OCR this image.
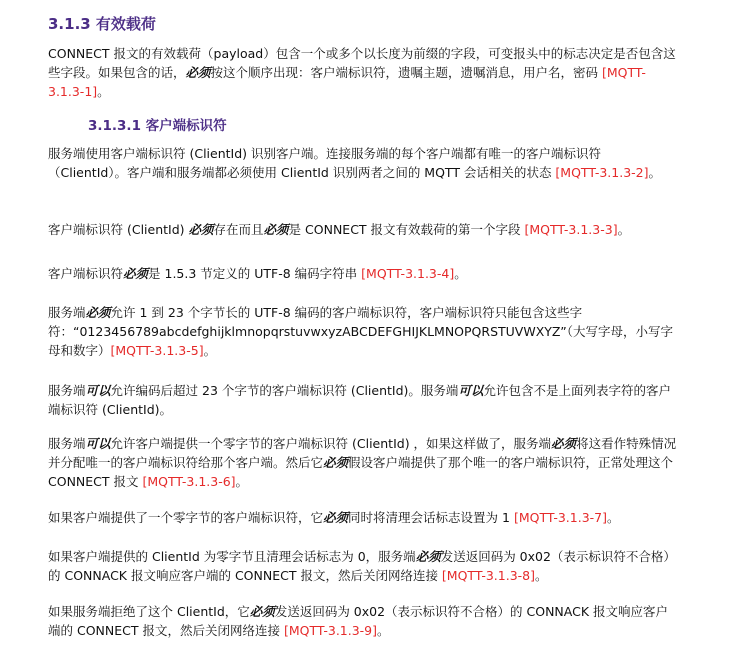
3.1.3 有效载荷
CONNECT 报文的有效载荷（payload）包含一个或多个以长度为前缀的字段，可变报头中的标志决定是否包含这些字段。如果包含的话，必须按这个顺序出现：客户端标识符，遗嘱主题，遗嘱消息，用户名，密码 [MQTT-3.1.3-1]。
3.1.3.1 客户端标识符
服务端使用客户端标识符 (ClientId) 识别客户端。连接服务端的每个客户端都有唯一的客户端标识符（ClientId）。客户端和服务端都必须使用 ClientId 识别两者之间的 MQTT 会话相关的状态 [MQTT-3.1.3-2]。
客户端标识符 (ClientId) 必须存在而且必须是 CONNECT 报文有效载荷的第一个字段 [MQTT-3.1.3-3]。
客户端标识符必须是 1.5.3 节定义的 UTF-8 编码字符串 [MQTT-3.1.3-4]。
服务端必须允许 1 到 23 个字节长的 UTF-8 编码的客户端标识符，客户端标识符只能包含这些字符：“0123456789abcdefghijklmnopqrstuvwxyzABCDEFGHIJKLMNOPQRSTUVWXYZ”（大写字母，小写字母和数字）[MQTT-3.1.3-5]。
服务端可以允许编码后超过 23 个字节的客户端标识符 (ClientId)。服务端可以允许包含不是上面列表字符的客户端标识符 (ClientId)。
服务端可以允许客户端提供一个零字节的客户端标识符 (ClientId) ，如果这样做了，服务端必须将这看作特殊情况并分配唯一的客户端标识符给那个客户端。然后它必须假设客户端提供了那个唯一的客户端标识符，正常处理这个 CONNECT 报文 [MQTT-3.1.3-6]。
如果客户端提供了一个零字节的客户端标识符，它必须同时将清理会话标志设置为 1 [MQTT-3.1.3-7]。
如果客户端提供的 ClientId 为零字节且清理会话标志为 0，服务端必须发送返回码为 0x02（表示标识符不合格）的 CONNACK 报文响应客户端的 CONNECT 报文，然后关闭网络连接 [MQTT-3.1.3-8]。
如果服务端拒绝了这个 ClientId，它必须发送返回码为 0x02（表示标识符不合格）的 CONNACK 报文响应客户端的 CONNECT 报文，然后关闭网络连接 [MQTT-3.1.3-9]。
